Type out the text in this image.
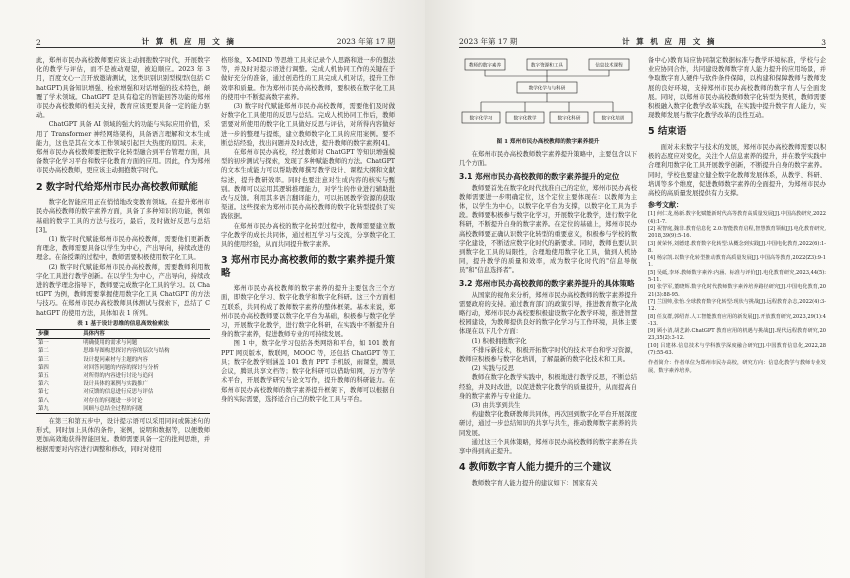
2	计 算 机 应 用 文 摘	2023 年第 17 期

此，郑州市民办高校教师要应该主动拥抱数字时代，开展数字化的教学与评估，而不是被动观望，被迫顺应。2023 年 3 月，百度文心一言开放邀请测试，这类识别识别型模型(包括 ChatGPT)具备知识增强、检索增强和对话增强的技术特色，颠覆了学术领域。ChatGPT 是具有稳定的智能回答功能的郑州市民办高校教师的相关支持，教育应该更要具备一定的能力驱动。

ChatGPT 具备 AI 领域的强大的功能与实际应用价值，采用了 Transformer 神经网络架构，具备语言理解和文本生成能力，这也是其在文本工作领域引起巨大热度的原因。未来，郑州市民办高校教师要把数字化转型融合到平台管理方面，具备数字化学习平台和数字化教育方面的应用。因此，作为郑州市民办高校教师，更应该主动拥抱数字时代。

2 数字时代给郑州市民办高校教师赋能

数字化智能应用正在悄悄地改变教育领域。在提升郑州市民办高校教师的数字素养方面，具备了多种知识的功能，例如基础的数字工具的方法与技巧，最后，及时做好反思与总结[3]。

(1) 数字时代赋能郑州市民办高校教师，需要他们更新教育理念，教师需要具备以学生为中心，产出导向，持续改进的理念。在备授课的过程中，教师需要积极使用数字化工具。

(2) 数字时代赋能郑州市民办高校教师，需要教师利用数字化工具进行教学创新。在以学生为中心，产出导向，持续改进的教学理念指导下，教师要完成数字化工具的学习。以 ChatGPT 为例，教师需要掌握使用数字化工具 ChatGPT 的方法与技巧。在郑州市民办高校教师具体测试与探索下，总结了 ChatGPT 的使用方法，具体如表 1 所列。

表 1 基于设计思维的信息高效检索法
步骤	具体内容
第一	明确使用的需求与问题
第二	思维导图构思探讨内容的层次与结构
第三	设计提问素材与主题的内容
第四	对回答问题的内容的探讨与分析
第五	对所得的内容进行讨论与追问
第六	设计具体的案例与实践推广
第七	对反馈的信息进行反思与评估
第八	对存在的问题进一步讨论
第九	回顾与总结全过程的问题

在第三和第五步中，设计提示语可以采用同问或陈述句的形式，同时加上具体的条件，案例，说明和数据等，以便教师更加高效地获得智能回复。教师需要具备一定的批判思维，并根据需要对内容进行调整和修改，同时对使用

格形象，X-MIND 等思维工具来记录个人思路和进一步的想法等，并及时对提示语进行调整。完成人机协同工作的关键在于做好充分的准备，通过创造性的工具完成人机对话，提升工作效率和质量。作为郑州市民办高校教师，要积极在数字化工具的使用中不断提高数字素养。

(3) 数字时代赋能郑州市民办高校教师，需要他们及时做好数字化工具使用的反思与总结。完成人机协同工作后，教师需要对所使用的数字化工具做好反思与评估，对所得内容做好进一步的整理与提炼，建立教师数字化工具的应用案例。要不断总结经验，找出问题并及时改进，提升教师的数字素养[4]。

在郑州市民办高校，经过教师对 ChatGPT 等知识增强模型的初步测试与探索，发现了多种赋能教师的方法。ChatGPT 的文本生成能力可以帮助教师撰写教学设计、课程大纲和文献综述，提升教研效率。同时也要注意对生成内容的核实与甄别。教师可以运用其逻辑推理能力，对学生的作业进行辅助批改与反馈。利用其多语言翻译能力，可以拓展教学资源的获取渠道。这些探索为郑州市民办高校教师的数字化转型提供了实践依据。

在郑州市民办高校的数字化转型过程中，教师需要建立数字化教学的成长共同体，通过相互学习与交流，分享数字化工具的使用经验，从而共同提升数字素养。

3 郑州市民办高校教师的数字素养提升策略

郑州市民办高校教师的数字素养的提升主要包含三个方面，即数字化学习、数字化教学和数字化科研。这三个方面相互联系，共同构成了教师数字素养的整体框架。基本来说，郑州市民办高校教师要以数字化平台为基础，积极参与数字化学习，开展数字化教学，进行数字化科研，在实践中不断提升自身的数字素养，促进教师专业的可持续发展。

图 1 中，数字化学习包括各类网络和平台，如 101 教育 PPT 网页版本，数联网，MOOC 等，还包括 ChatGPT 等工具；数字化教学则涵盖 101 教育 PPT 手机版，雨课堂，腾讯会议，腾讯共享文档等；数字化科研可以借助知网，万方等学术平台，开展教学研究与论文写作，提升教师的科研能力。在郑州市民办高校教师的数字素养提升框架下，教师可以根据自身的实际需要，选择适合自己的数字化工具与平台。

2023 年第 17 期	计 算 机 应 用 文 摘	3
教师的数字素养	数字资源和工具	信息技术课程
教学化学与与科研
数字化学习	数字化教学	数字化科研	数字化培训
图 1 郑州市民办高校教师的数字素养提升

在郑州市民办高校教师数字素养提升策略中，主要包含以下几个方面。

3.1 郑州市民办高校教师的数字素养提升的定位

教师要首先在数字化时代找准自己的定位，郑州市民办高校教师需要进一步明确定位，这个定位主要体现在：以教师为主体，以学生为中心，以数字化平台为支撑，以数字化工具为手段。教师要积极参与数字化学习，开展数字化教学，进行数字化科研，不断提升自身的数字素养。在定位的基础上，郑州市民办高校教师要正确认识数字化转型的重要意义，积极参与学校的数字化建设，不断适应数字化时代的新要求。同时，教师也要认识到数字化工具的局限性，合理地使用数字化工具，做到人机协同，提升教学的质量和效率，成为数字化时代的"信息导航员"和"信息选择者"。

3.2 郑州市民办高校教师的数字素养提升的具体策略

从国家的视角来分析，郑州市民办高校教师的数字素养提升需要政府的支持。通过教育部门的政策引导，推进教育数字化战略行动，郑州市民办高校要积极建设数字化教学环境，推进智慧校园建设，为教师提供良好的数字化学习与工作环境，具体主要体现在以下几个方面：

(1) 积极拥抱数字化

不排斥新技术，积极开拓数字时代的技术平台和学习资源，教师应积极参与数字化培训，了解最新的数字化技术和工具。

(2) 实践与反思

教师在数字化教学实践中，积极地进行教学反思，不断总结经验，并及时改进，以促进数字化教学的质量提升，从而提高自身的数字素养与专业能力。

(3) 由共享到共生

构建数字化教研教师共同体，再次回到数字化平台开展深度研讨，通过一步总结知识的共享与共生，推动教师数字素养的共同发展。

通过这三个具体策略，郑州市民办高校教师的数字素养在共享中得到真正提升。

4 教师数字育人能力提升的三个建议

教师数字育人能力提升的建议如下：国家有关

备中心)教育局应协同制定数据标准与教学环境标准，学校与企业应协同合作，共同建设教师数字育人能力提升的应用场景，并争取数字育人硬件与软件条件保障，以构建和保障教师与教师发展的良好环境，支持郑州市民办高校教师的数字育人与全面发展。同时，以郑州市民办高校教师数字化转型为契机，教师需要积极融入数字化教学改革实践，在实践中提升数字育人能力，实现教师发展与数字化教学改革的良性互动。

5 结束语

面对未来数字与技术的发展，郑州市民办高校教师需要以积极的态度应对变化，关注个人信息素养的提升，并在教学实践中合理利用数字化工具开展教学创新，不断提升自身的数字素养。同时，学校也要建立健全数字化教师发展体系，从教学、科研、培训等多个维度，促进教师数字素养的全面提升，为郑州市民办高校的高质量发展提供有力支撑。

参考文献：
[1] 何仁龙,杨新.数字化赋能新时代高等教育高质量发展[J].中国高教研究,2022(4):1-7.
[2] 祝智庭,魏非.教育信息化 2.0:智能教育启程,智慧教育领航[J].电化教育研究,2018,39(9):5-16.
[3] 黄荣怀,刘德建.教育数字化转型:从概念到实践[J].中国电化教育,2022(6):1-8.
[4] 杨宗凯.以数字化转型推动教育高质量发展[J].中国高等教育,2022(Z3):9-11.
[5] 吴砥,李环.教师数字素养:内涵、标准与评价[J].电化教育研究,2023,44(5):5-11.
[6] 张学军,董晓辉.数字化时代教师数字素养培养路径研究[J].中国电化教育,2021(3):88-95.
[7] 兰国帅,张怡.全球教育数字化转型:现状与挑战[J].远程教育杂志,2022(4):3-12.
[8] 任友群,郭绍青.人工智能教育应用的新发展[J].开放教育研究,2023,29(1):4-13.
[9] 顾小清,胡艺龄.ChatGPT 教育应用的机遇与挑战[J].现代远程教育研究,2023,35(2):3-12.
[10] 吕建林.信息技术与学科教学深度融合研究[J].中国教育信息化,2022,28(7):55-63.
作者简介：作者单位为郑州市民办高校，研究方向：信息化教学与教师专业发展，数字素养培养。
